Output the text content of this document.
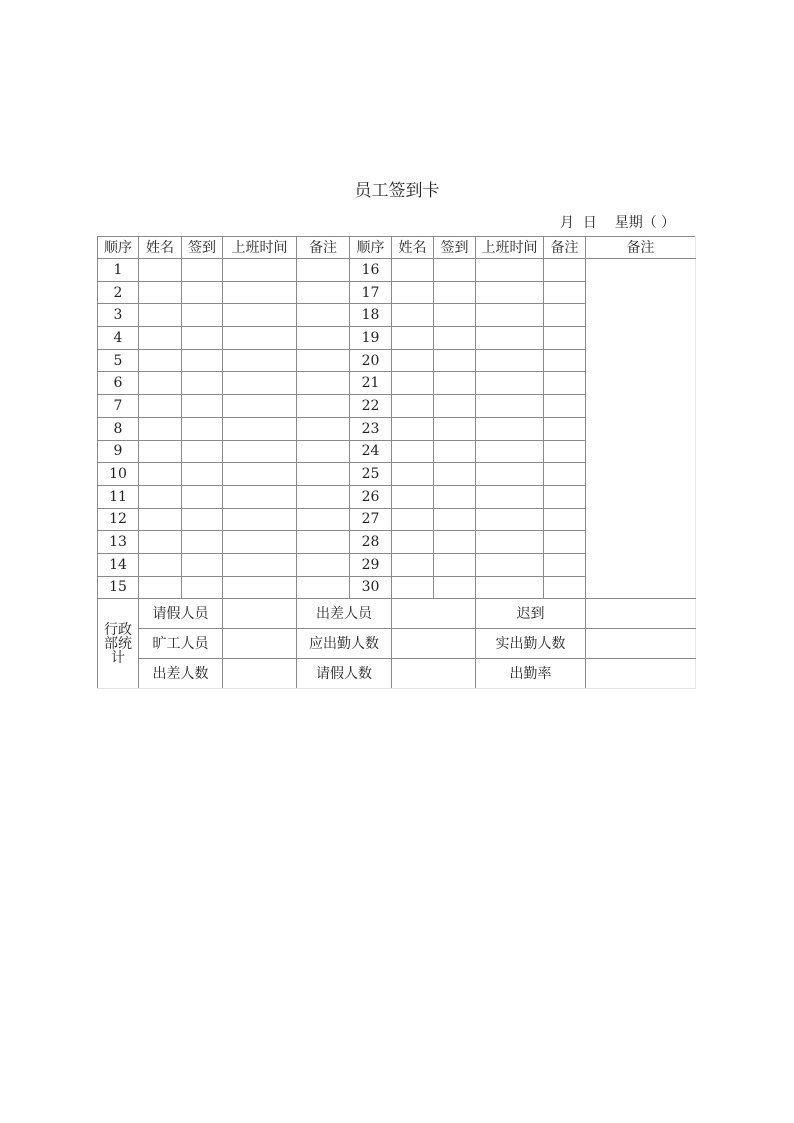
员工签到卡
月 日 星期（ ）
顺序	姓名	签到	上班时间	备注	顺序	姓名	签到	上班时间	备注	备注
1					16					
2					17					
3					18					
4					19					
5					20					
6					21					
7					22					
8					23					
9					24					
10					25					
11					26					
12					27					
13					28					
14					29					
15					30					

行政
部统
计	请假人员			出差人员				迟到		
	旷工人员			应出勤人数				实出勤人数		
	出差人数			请假人数				出勤率		
